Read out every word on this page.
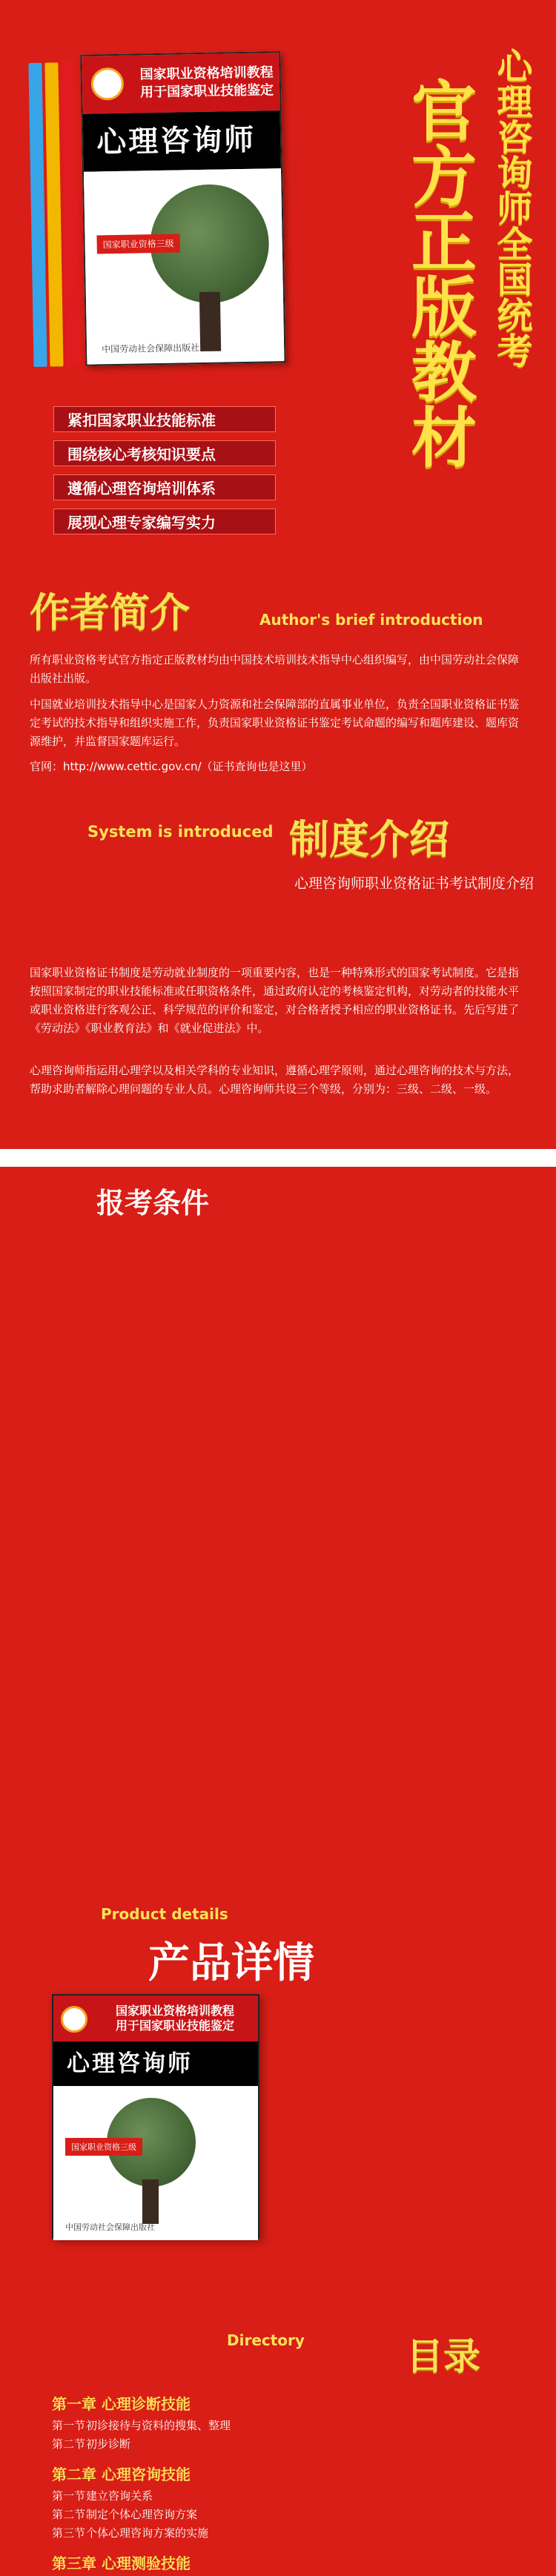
国家职业资格培训教程
用于国家职业技能鉴定
心理咨询师
国家职业资格三级
中国劳动社会保障出版社	心理咨询师全国统考
官方正版教材
紧扣国家职业技能标准
围绕核心考核知识要点
遵循心理咨询培训体系
展现心理专家编写实力
作者简介	Author's brief introduction
所有职业资格考试官方指定正版教材均由中国技术培训技术指导中心组织编写，由中国劳动社会保障出版社出版。
中国就业培训技术指导中心是国家人力资源和社会保障部的直属事业单位，负责全国职业资格证书鉴定考试的技术指导和组织实施工作，负责国家职业资格证书鉴定考试命题的编写和题库建设、题库资源维护，并监督国家题库运行。
官网：http://www.cettic.gov.cn/（证书查询也是这里）
System is introduced 制度介绍
心理咨询师职业资格证书考试制度介绍
国家职业资格证书制度是劳动就业制度的一项重要内容，也是一种特殊形式的国家考试制度。它是指按照国家制定的职业技能标准或任职资格条件，通过政府认定的考核鉴定机构，对劳动者的技能水平或职业资格进行客观公正、科学规范的评价和鉴定，对合格者授予相应的职业资格证书。先后写进了《劳动法》《职业教育法》和《就业促进法》中。
心理咨询师指运用心理学以及相关学科的专业知识，遵循心理学原则，通过心理咨询的技术与方法，帮助求助者解除心理问题的专业人员。心理咨询师共设三个等级，分别为：三级、二级、一级。
报考条件
Product details
产品详情
国家职业资格培训教程
用于国家职业技能鉴定
心理咨询师
国家职业资格三级
中国劳动社会保障出版社
Directory	目录
第一章 心理诊断技能
第一节初诊接待与资料的搜集、整理
第二节初步诊断
第二章 心理咨询技能
第一节建立咨询关系
第二节制定个体心理咨询方案
第三节个体心理咨询方案的实施
第三章 心理测验技能
